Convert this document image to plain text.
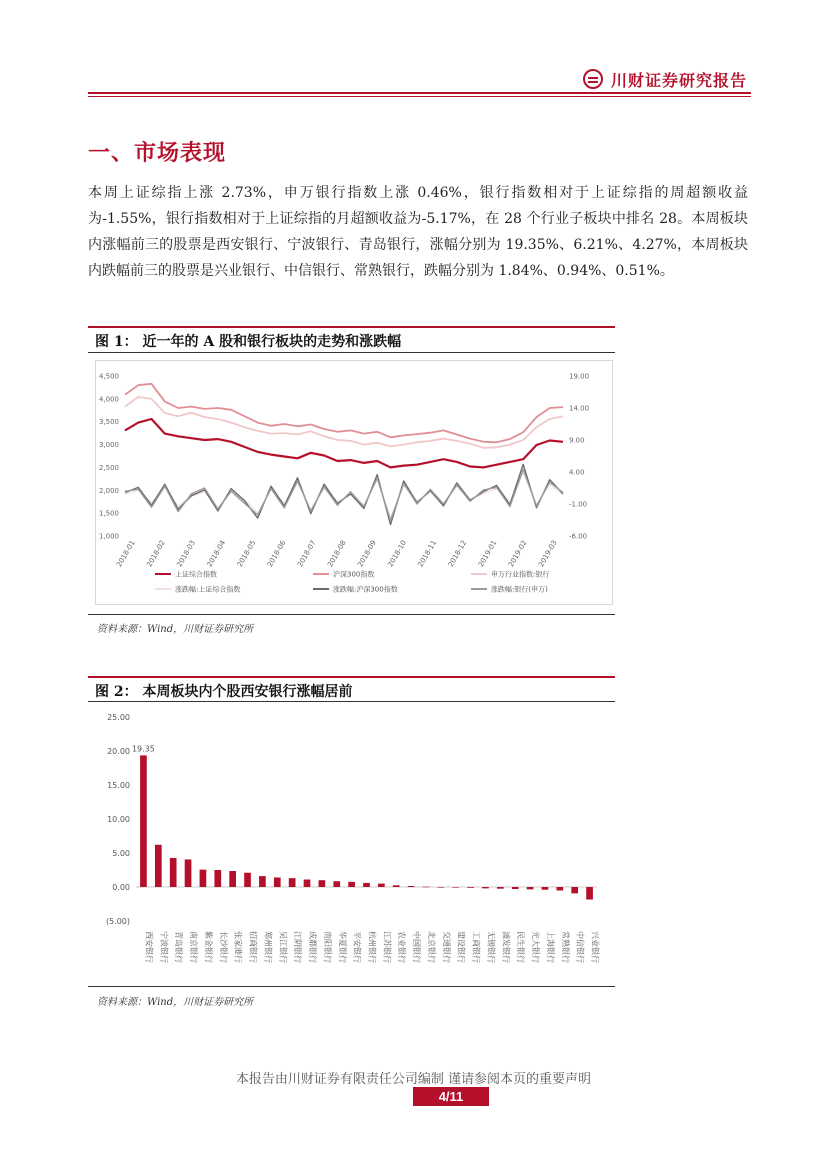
川财证券研究报告
一、市场表现

本周上证综指上涨 2.73%，申万银行指数上涨 0.46%，银行指数相对于上证综指的周超额收益为-1.55%，银行指数相对于上证综指的月超额收益为-5.17%，在 28 个行业子板块中排名 28。本周板块内涨幅前三的股票是西安银行、宁波银行、青岛银行，涨幅分别为 19.35%、6.21%、4.27%，本周板块内跌幅前三的股票是兴业银行、中信银行、常熟银行，跌幅分别为 1.84%、0.94%、0.51%。

图 1： 近一年的 A 股和银行板块的走势和涨跌幅
4,500
4,000
3,500
3,000
2,500
2,000
1,500
1,000
19.00
14.00
9.00
4.00
-1.00
-6.00
2018-01 2018-02 2018-03 2018-04 2018-05 2018-06 2018-07 2018-08 2018-09 2018-10 2018-11 2018-12 2019-01 2019-02 2019-03
上证综合指数	沪深300指数	申万行业指数:银行
涨跌幅:上证综合指数	涨跌幅:沪深300指数	涨跌幅:银行(申万)
资料来源：Wind，川财证券研究所
图 2： 本周板块内个股西安银行涨幅居前
25.00
20.00
15.00
10.00
5.00
0.00
(5.00)
19.35
西安银行 宁波银行 青岛银行 南京银行 紫金银行 长沙银行 张家港行 招商银行 郑州银行 吴江银行 江阴银行 成都银行 贵阳银行 华夏银行 平安银行 杭州银行 江苏银行 农业银行 中国银行 北京银行 交通银行 建设银行 工商银行 无锡银行 浦发银行 民生银行 光大银行 上海银行 常熟银行 中信银行 兴业银行
资料来源：Wind，川财证券研究所
本报告由川财证券有限责任公司编制 谨请参阅本页的重要声明
4/11
